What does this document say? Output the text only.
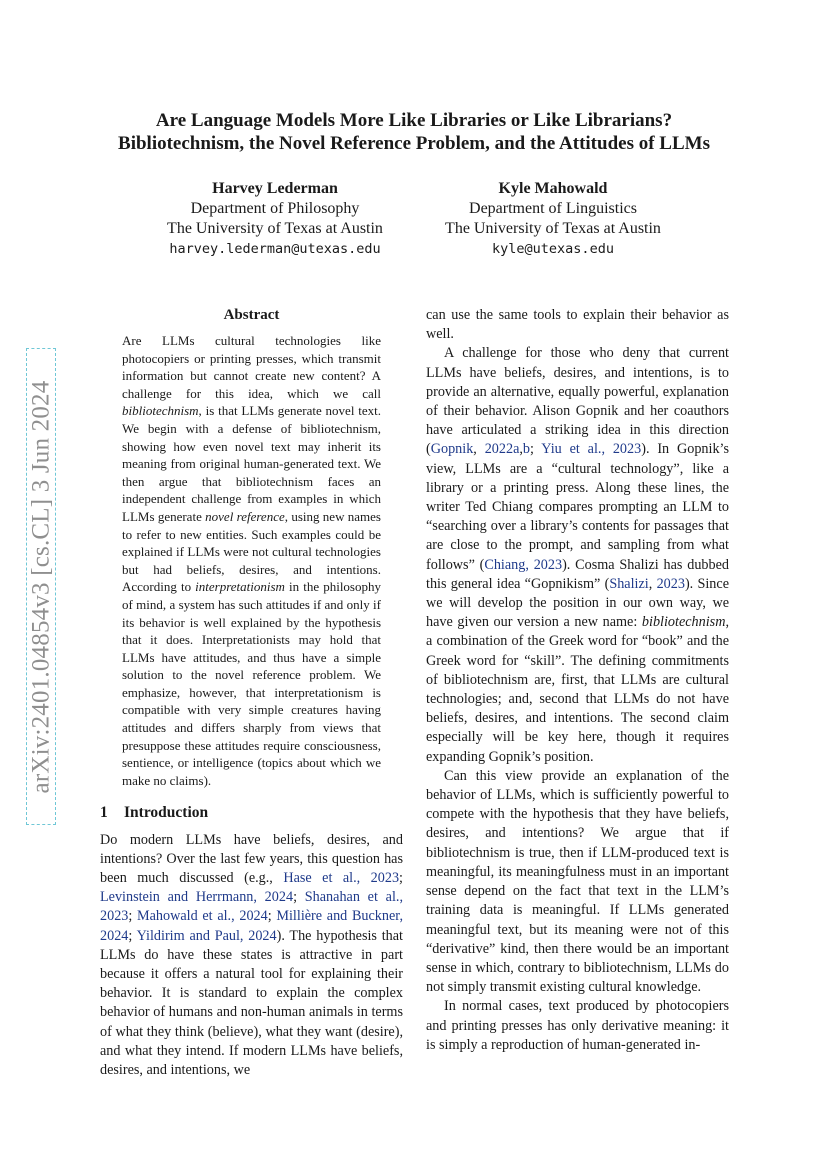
arXiv:2401.04854v3 [cs.CL] 3 Jun 2024
Are Language Models More Like Libraries or Like Librarians?
Bibliotechnism, the Novel Reference Problem, and the Attitudes of LLMs
Harvey Lederman
Department of Philosophy
The University of Texas at Austin
harvey.lederman@utexas.edu
Kyle Mahowald
Department of Linguistics
The University of Texas at Austin
kyle@utexas.edu
Abstract

Are LLMs cultural technologies like photocopiers or printing presses, which transmit information but cannot create new content? A challenge for this idea, which we call bibliotechnism, is that LLMs generate novel text. We begin with a defense of bibliotechnism, showing how even novel text may inherit its meaning from original human-generated text. We then argue that bibliotechnism faces an independent challenge from examples in which LLMs generate novel reference, using new names to refer to new entities. Such examples could be explained if LLMs were not cultural technologies but had beliefs, desires, and intentions. According to interpretationism in the philosophy of mind, a system has such attitudes if and only if its behavior is well explained by the hypothesis that it does. Interpretationists may hold that LLMs have attitudes, and thus have a simple solution to the novel reference problem. We emphasize, however, that interpretationism is compatible with very simple creatures having attitudes and differs sharply from views that presuppose these attitudes require consciousness, sentience, or intelligence (topics about which we make no claims).

1 Introduction

Do modern LLMs have beliefs, desires, and intentions? Over the last few years, this question has been much discussed (e.g., Hase et al., 2023; Levinstein and Herrmann, 2024; Shanahan et al., 2023; Mahowald et al., 2024; Millière and Buckner, 2024; Yildirim and Paul, 2024). The hypothesis that LLMs do have these states is attractive in part because it offers a natural tool for explaining their behavior. It is standard to explain the complex behavior of humans and non-human animals in terms of what they think (believe), what they want (desire), and what they intend. If modern LLMs have beliefs, desires, and intentions, we

can use the same tools to explain their behavior as well.

A challenge for those who deny that current LLMs have beliefs, desires, and intentions, is to provide an alternative, equally powerful, explanation of their behavior. Alison Gopnik and her coauthors have articulated a striking idea in this direction (Gopnik, 2022a,b; Yiu et al., 2023). In Gopnik’s view, LLMs are a “cultural technology”, like a library or a printing press. Along these lines, the writer Ted Chiang compares prompting an LLM to “searching over a library’s contents for passages that are close to the prompt, and sampling from what follows” (Chiang, 2023). Cosma Shalizi has dubbed this general idea “Gopnikism” (Shalizi, 2023). Since we will develop the position in our own way, we have given our version a new name: bibliotechnism, a combination of the Greek word for “book” and the Greek word for “skill”. The defining commitments of bibliotechnism are, first, that LLMs are cultural technologies; and, second that LLMs do not have beliefs, desires, and intentions. The second claim especially will be key here, though it requires expanding Gopnik’s position.

Can this view provide an explanation of the behavior of LLMs, which is sufficiently powerful to compete with the hypothesis that they have beliefs, desires, and intentions? We argue that if bibliotechnism is true, then if LLM-produced text is meaningful, its meaningfulness must in an important sense depend on the fact that text in the LLM’s training data is meaningful. If LLMs generated meaningful text, but its meaning were not of this “derivative” kind, then there would be an important sense in which, contrary to bibliotechnism, LLMs do not simply transmit existing cultural knowledge.

In normal cases, text produced by photocopiers and printing presses has only derivative meaning: it is simply a reproduction of human-generated in-
